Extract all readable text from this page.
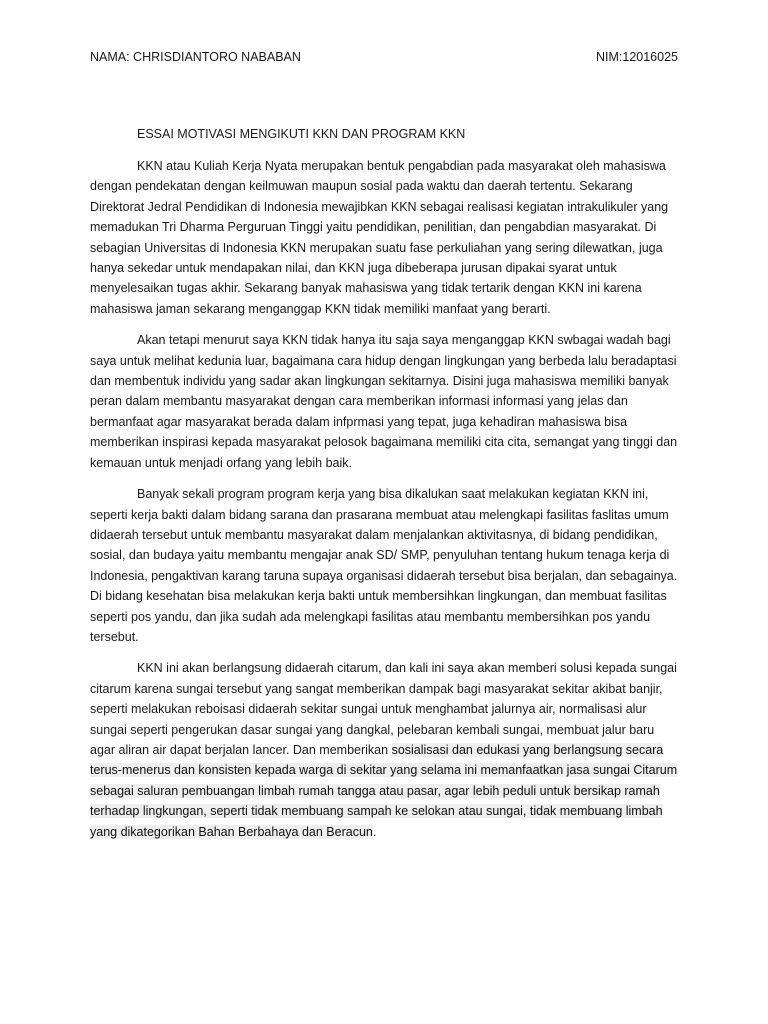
NAMA: CHRISDIANTORO NABABAN	NIM:12016025
ESSAI MOTIVASI MENGIKUTI KKN DAN PROGRAM KKN

KKN atau Kuliah Kerja Nyata merupakan bentuk pengabdian pada masyarakat oleh mahasiswa dengan pendekatan dengan keilmuwan maupun sosial pada waktu dan daerah tertentu. Sekarang Direktorat Jedral Pendidikan di Indonesia mewajibkan KKN sebagai realisasi kegiatan intrakulikuler yang memadukan Tri Dharma Perguruan Tinggi yaitu pendidikan, penilitian, dan pengabdian masyarakat. Di sebagian Universitas di Indonesia KKN merupakan suatu fase perkuliahan yang sering dilewatkan, juga hanya sekedar untuk mendapakan nilai, dan KKN juga dibeberapa jurusan dipakai syarat untuk menyelesaikan tugas akhir. Sekarang banyak mahasiswa yang tidak tertarik dengan KKN ini karena mahasiswa jaman sekarang menganggap KKN tidak memiliki manfaat yang berarti.

Akan tetapi menurut saya KKN tidak hanya itu saja saya menganggap KKN swbagai wadah bagi saya untuk melihat kedunia luar, bagaimana cara hidup dengan lingkungan yang berbeda lalu beradaptasi dan membentuk individu yang sadar akan lingkungan sekitarnya. Disini juga mahasiswa memiliki banyak peran dalam membantu masyarakat dengan cara memberikan informasi informasi yang jelas dan bermanfaat agar masyarakat berada dalam infprmasi yang tepat, juga kehadiran mahasiswa bisa memberikan inspirasi kepada masyarakat pelosok bagaimana memiliki cita cita, semangat yang tinggi dan kemauan untuk menjadi orfang yang lebih baik.

Banyak sekali program program kerja yang bisa dikalukan saat melakukan kegiatan KKN ini, seperti kerja bakti dalam bidang sarana dan prasarana membuat atau melengkapi fasilitas faslitas umum didaerah tersebut untuk membantu masyarakat dalam menjalankan aktivitasnya, di bidang pendidikan, sosial, dan budaya yaitu membantu mengajar anak SD/ SMP, penyuluhan tentang hukum tenaga kerja di Indonesia, pengaktivan karang taruna supaya organisasi didaerah tersebut bisa berjalan, dan sebagainya. Di bidang kesehatan bisa melakukan kerja bakti untuk membersihkan lingkungan, dan membuat fasilitas seperti pos yandu, dan jika sudah ada melengkapi fasilitas atau membantu membersihkan pos yandu tersebut.

KKN ini akan berlangsung didaerah citarum, dan kali ini saya akan memberi solusi kepada sungai citarum karena sungai tersebut yang sangat memberikan dampak bagi masyarakat sekitar akibat banjir, seperti melakukan reboisasi didaerah sekitar sungai untuk menghambat jalurnya air, normalisasi alur sungai seperti pengerukan dasar sungai yang dangkal, pelebaran kembali sungai, membuat jalur baru agar aliran air dapat berjalan lancer. Dan memberikan sosialisasi dan edukasi yang berlangsung secara terus-menerus dan konsisten kepada warga di sekitar yang selama ini memanfaatkan jasa sungai Citarum sebagai saluran pembuangan limbah rumah tangga atau pasar, agar lebih peduli untuk bersikap ramah terhadap lingkungan, seperti tidak membuang sampah ke selokan atau sungai, tidak membuang limbah yang dikategorikan Bahan Berbahaya dan Beracun.
